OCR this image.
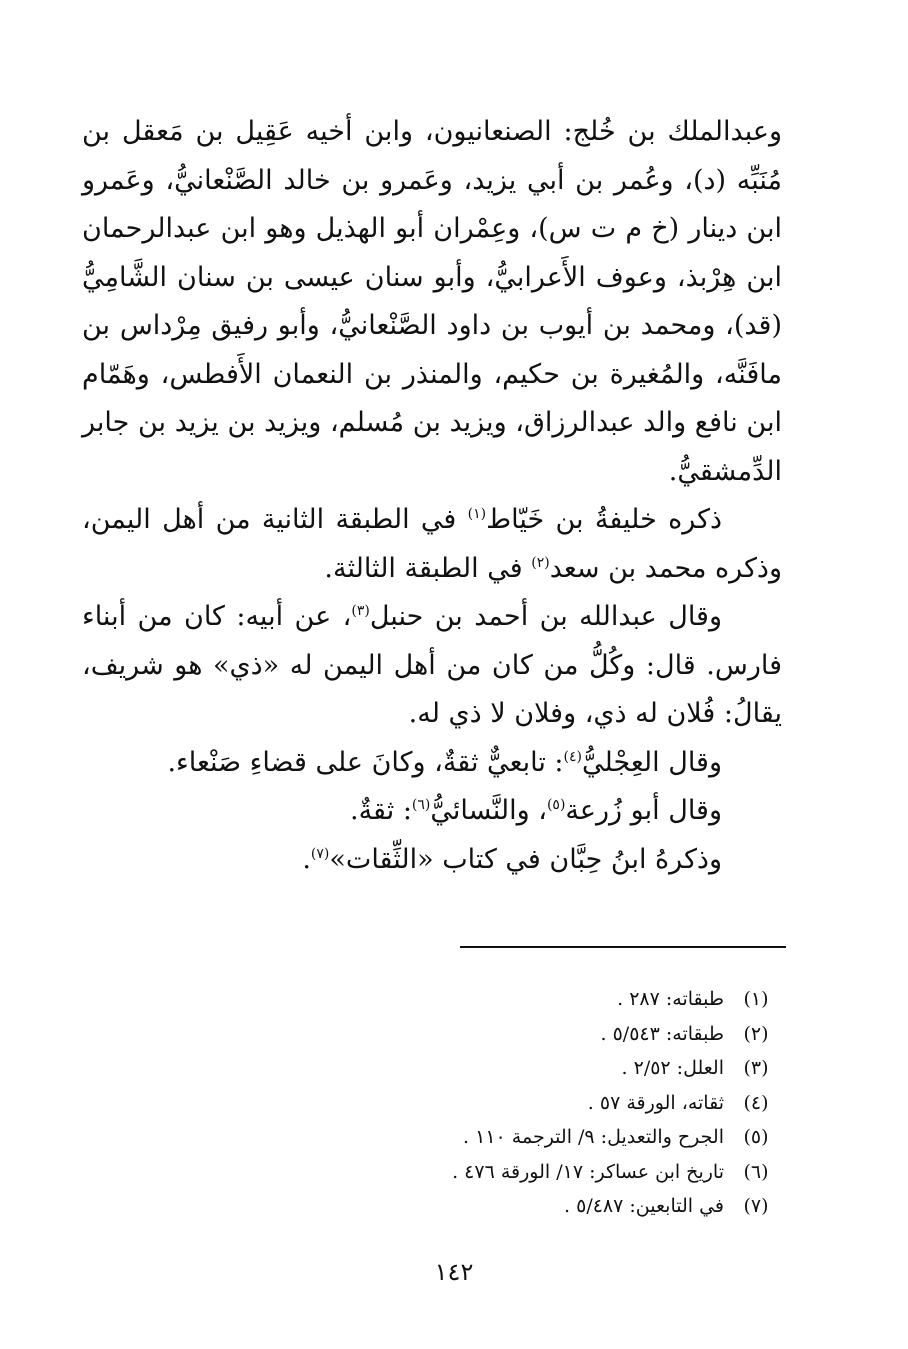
وعبدالملك بن خُلج: الصنعانيون، وابن أخيه عَقِيل بن مَعقل بن مُنَبِّه (د)، وعُمر بن أبي يزيد، وعَمرو بن خالد الصَّنْعانيُّ، وعَمرو ابن دينار (خ م ت س)، وعِمْران أبو الهذيل وهو ابن عبدالرحمان ابن هِرْبذ، وعوف الأَعرابيُّ، وأبو سنان عيسى بن سنان الشَّامِيُّ (قد)، ومحمد بن أيوب بن داود الصَّنْعانيُّ، وأبو رفيق مِرْداس بن مافَنَّه، والمُغيرة بن حكيم، والمنذر بن النعمان الأَفطس، وهَمّام ابن نافع والد عبدالرزاق، ويزيد بن مُسلم، ويزيد بن يزيد بن جابر الدِّمشقيُّ.

ذكره خليفةُ بن خَيّاط$^{(١)}$ في الطبقة الثانية من أهل اليمن، وذكره محمد بن سعد$^{(٢)}$ في الطبقة الثالثة.

وقال عبدالله بن أحمد بن حنبل$^{(٣)}$، عن أبيه: كان من أبناء فارس. قال: وكُلُّ من كان من أهل اليمن له «ذي» هو شريف، يقالُ: فُلان له ذي، وفلان لا ذي له.

وقال العِجْليُّ$^{(٤)}$: تابعيٌّ ثقةٌ، وكانَ على قضاءِ صَنْعاء.

وقال أبو زُرعة$^{(٥)}$، والنَّسائيُّ$^{(٦)}$: ثقةٌ.

وذكرهُ ابنُ حِبَّان في كتاب «الثِّقات»$^{(٧)}$.

(١)
طبقاته: ٢٨٧ .
(٢)
طبقاته: ٥/٥٤٣ .
(٣)
العلل: ٢/٥٢ .
(٤)
ثقاته، الورقة ٥٧ .
(٥)
الجرح والتعديل: ٩/ الترجمة ١١٠ .
(٦)
تاريخ ابن عساكر: ١٧/ الورقة ٤٧٦ .
(٧)
في التابعين: ٥/٤٨٧ .
١٤٢
